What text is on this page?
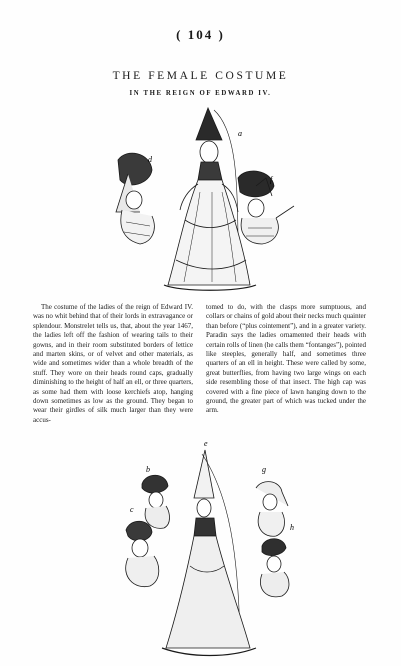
( 104 )
THE FEMALE COSTUME
IN THE REIGN OF EDWARD IV.
a
d
f

The costume of the ladies of the reign of Edward IV. was no whit behind that of their lords in extravagance or splendour. Monstrelet tells us, that, about the year 1467, the ladies left off the fashion of wearing tails to their gowns, and in their room substituted borders of lettice and marten skins, or of velvet and other materials, as wide and sometimes wider than a whole breadth of the stuff. They wore on their heads round caps, gradually diminishing to the height of half an ell, or three quarters, as some had them with loose kerchiefs atop, hanging down sometimes as low as the ground. They began to wear their girdles of silk much larger than they were accus-

tomed to do, with the clasps more sumptuous, and collars or chains of gold about their necks much quainter than before (“plus cointement”), and in a greater variety. Paradin says the ladies ornamented their heads with certain rolls of linen (he calls them “fontanges”), pointed like steeples, generally half, and sometimes three quarters of an ell in height. These were called by some, great butterflies, from having two large wings on each side resembling those of that insect. The high cap was covered with a fine piece of lawn hanging down to the ground, the greater part of which was tucked under the arm.

b
e
g
c
h
